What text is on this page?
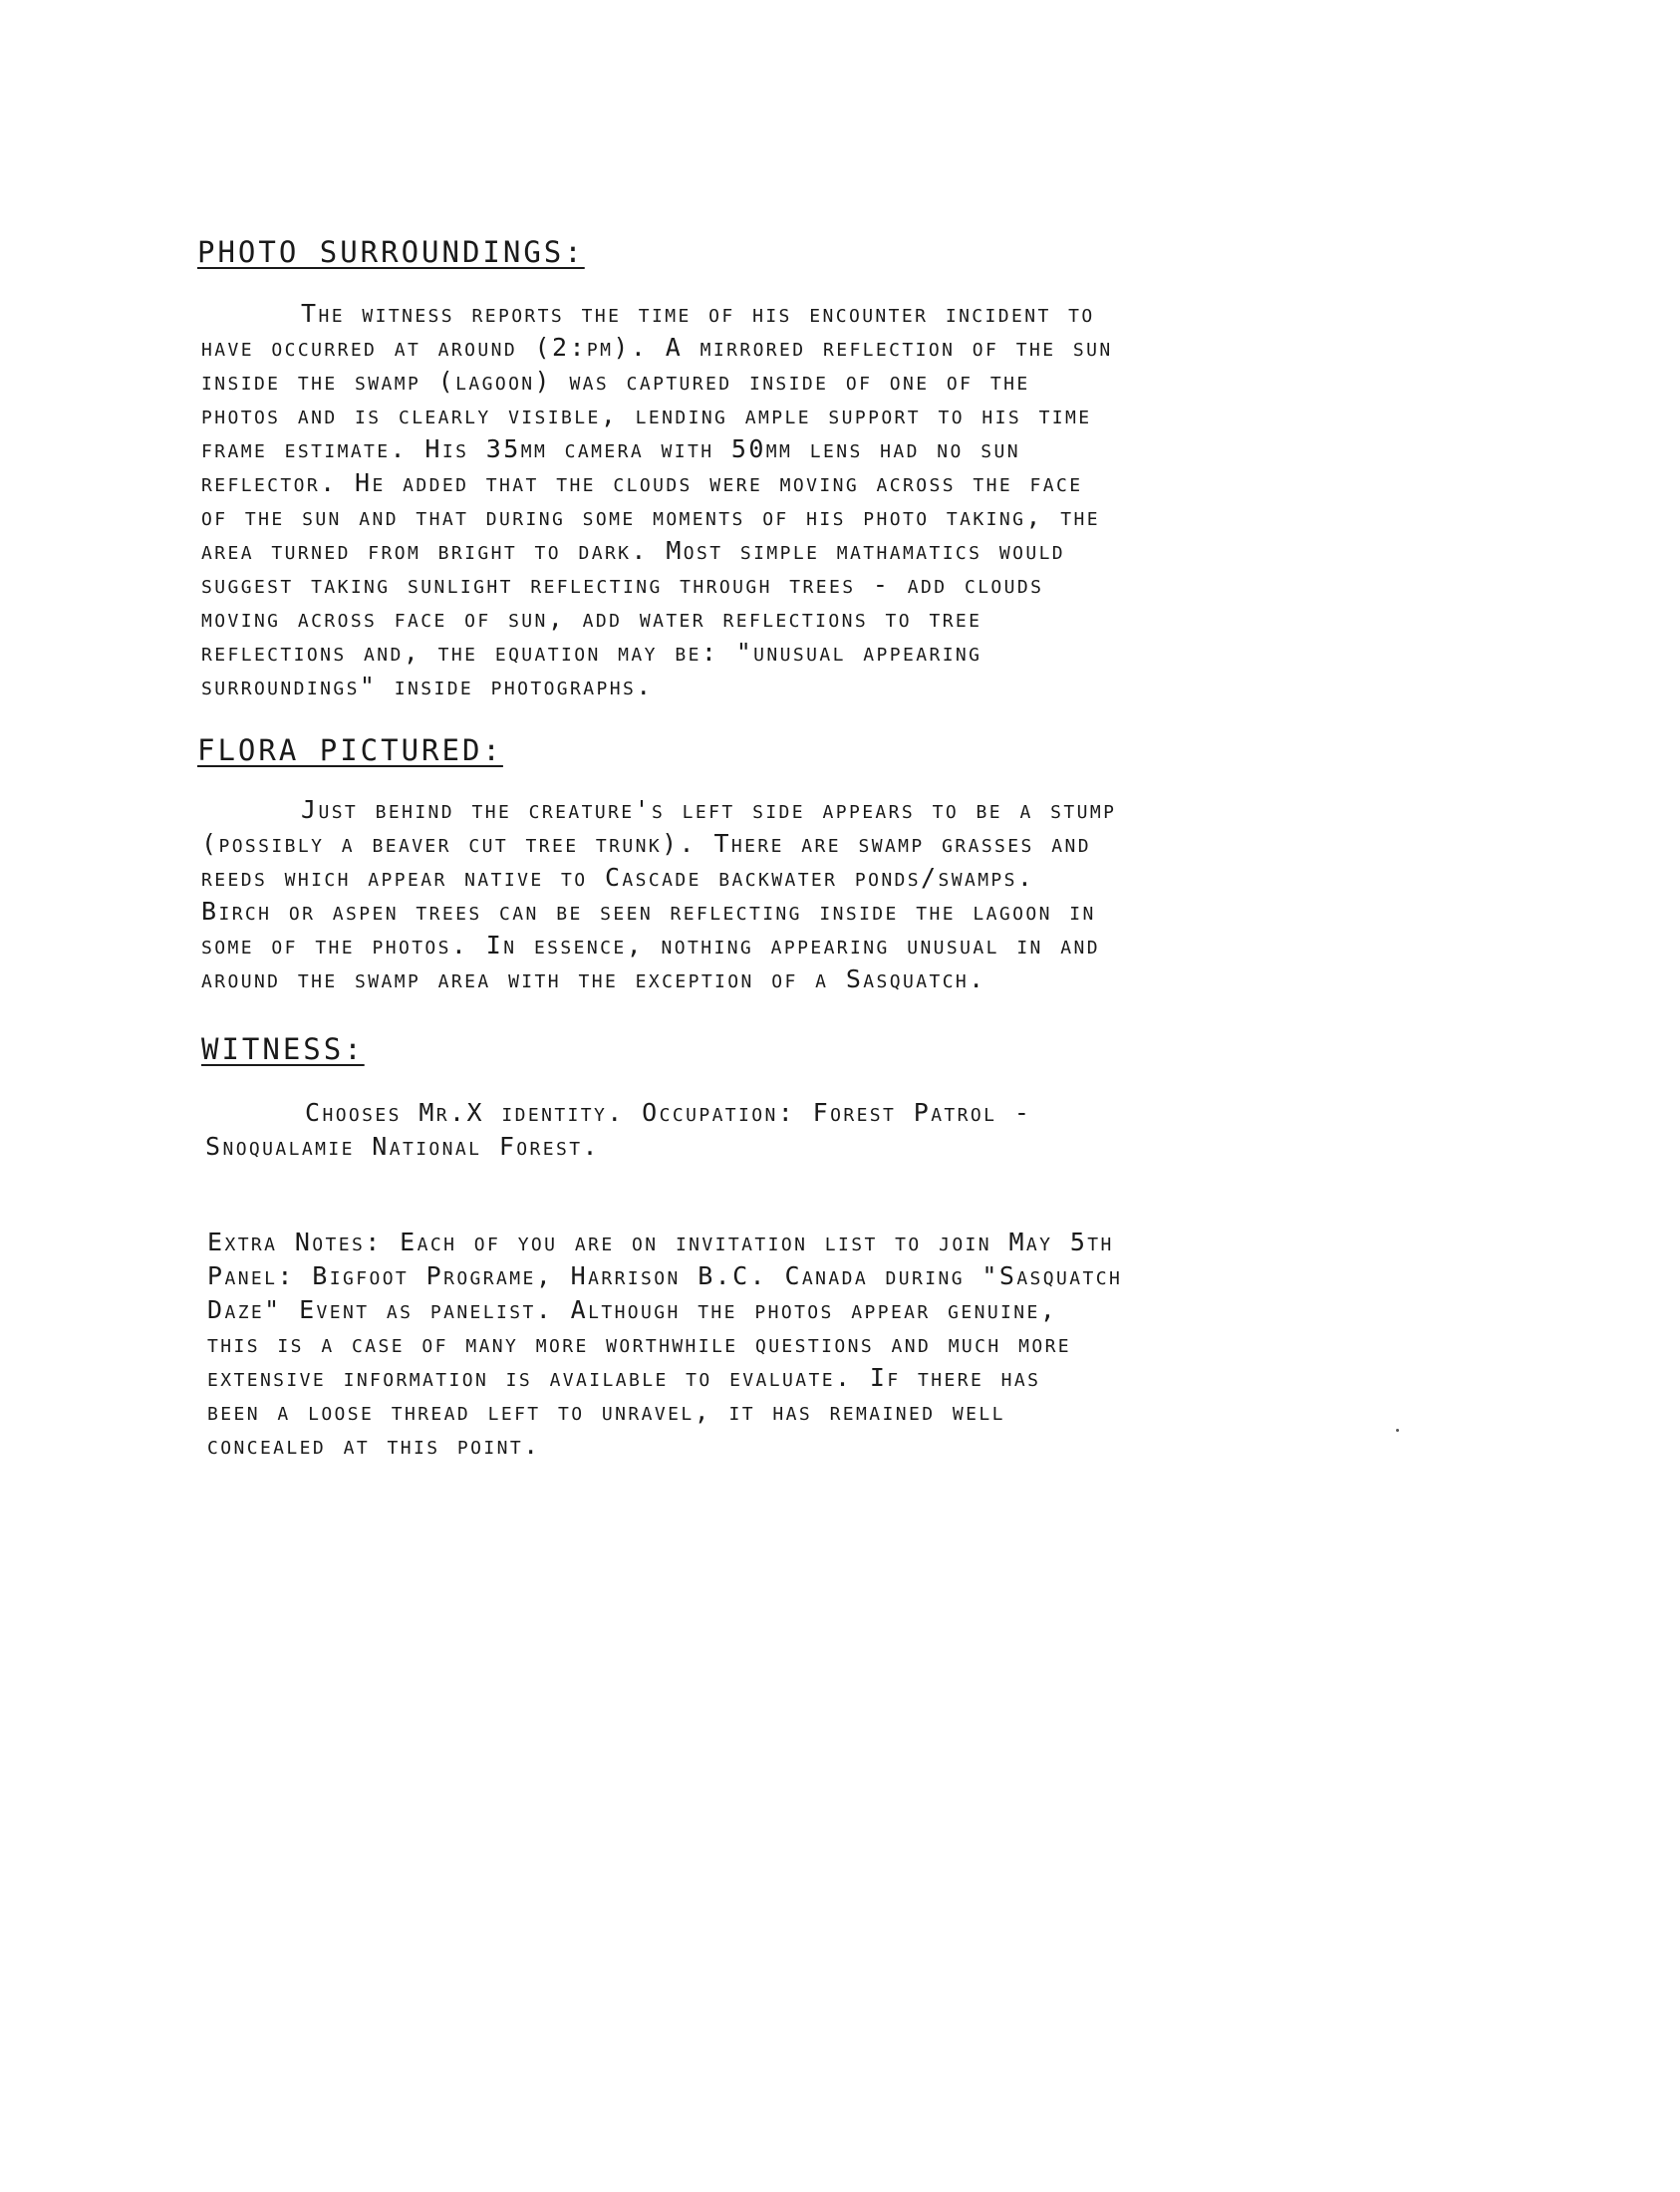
PHOTO SURROUNDINGS:
The witness reports the time of his encounter incident to
have occurred at around (2:pm). A mirrored reflection of the sun
inside the swamp (lagoon) was captured inside of one of the
photos and is clearly visible, lending ample support to his time
frame estimate. His 35mm camera with 50mm lens had no sun
reflector. He added that the clouds were moving across the face
of the sun and that during some moments of his photo taking, the
area turned from bright to dark. Most simple mathamatics would
suggest taking sunlight reflecting through trees - add clouds
moving across face of sun, add water reflections to tree
reflections and, the equation may be: "unusual appearing
surroundings" inside photographs.
FLORA PICTURED:
Just behind the creature's left side appears to be a stump
(possibly a beaver cut tree trunk). There are swamp grasses and
reeds which appear native to Cascade backwater ponds/swamps.
Birch or aspen trees can be seen reflecting inside the lagoon in
some of the photos. In essence, nothing appearing unusual in and
around the swamp area with the exception of a Sasquatch.
WITNESS:
Chooses Mr.X identity. Occupation: Forest Patrol -
Snoqualamie National Forest.
Extra Notes: Each of you are on invitation list to join May 5th
Panel: Bigfoot Programe, Harrison B.C. Canada during "Sasquatch
Daze" Event as panelist. Although the photos appear genuine,
this is a case of many more worthwhile questions and much more
extensive information is available to evaluate. If there has
been a loose thread left to unravel, it has remained well
concealed at this point.
